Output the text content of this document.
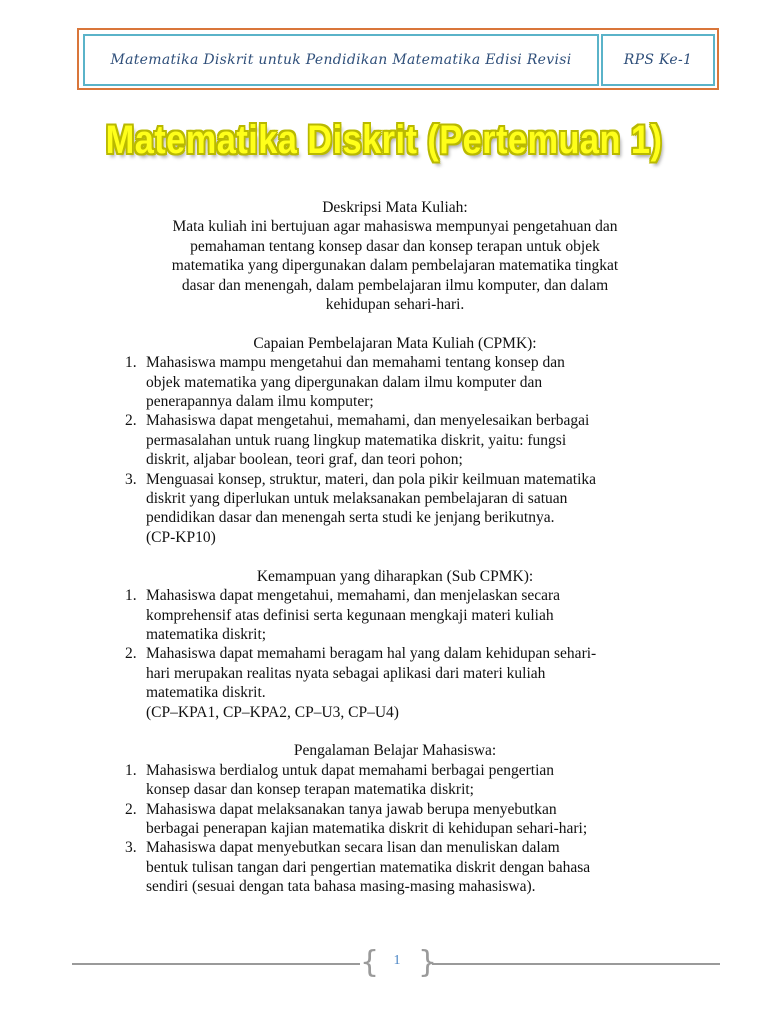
Matematika Diskrit untuk Pendidikan Matematika Edisi Revisi	RPS Ke-1
Matematika Diskrit (Pertemuan 1)
Deskripsi Mata Kuliah:
Mata kuliah ini bertujuan agar mahasiswa mempunyai pengetahuan dan
pemahaman tentang konsep dasar dan konsep terapan untuk objek
matematika yang dipergunakan dalam pembelajaran matematika tingkat
dasar dan menengah, dalam pembelajaran ilmu komputer, dan dalam
kehidupan sehari-hari.
Capaian Pembelajaran Mata Kuliah (CPMK):
1. Mahasiswa mampu mengetahui dan memahami tentang konsep dan
objek matematika yang dipergunakan dalam ilmu komputer dan
penerapannya dalam ilmu komputer;
2. Mahasiswa dapat mengetahui, memahami, dan menyelesaikan berbagai
permasalahan untuk ruang lingkup matematika diskrit, yaitu: fungsi
diskrit, aljabar boolean, teori graf, dan teori pohon;
3. Menguasai konsep, struktur, materi, dan pola pikir keilmuan matematika
diskrit yang diperlukan untuk melaksanakan pembelajaran di satuan
pendidikan dasar dan menengah serta studi ke jenjang berikutnya.
(CP-KP10)
Kemampuan yang diharapkan (Sub CPMK):
1. Mahasiswa dapat mengetahui, memahami, dan menjelaskan secara
komprehensif atas definisi serta kegunaan mengkaji materi kuliah
matematika diskrit;
2. Mahasiswa dapat memahami beragam hal yang dalam kehidupan sehari-
hari merupakan realitas nyata sebagai aplikasi dari materi kuliah
matematika diskrit.
(CP–KPA1, CP–KPA2, CP–U3, CP–U4)
Pengalaman Belajar Mahasiswa:
1. Mahasiswa berdialog untuk dapat memahami berbagai pengertian
konsep dasar dan konsep terapan matematika diskrit;
2. Mahasiswa dapat melaksanakan tanya jawab berupa menyebutkan
berbagai penerapan kajian matematika diskrit di kehidupan sehari-hari;
3. Mahasiswa dapat menyebutkan secara lisan dan menuliskan dalam
bentuk tulisan tangan dari pengertian matematika diskrit dengan bahasa
sendiri (sesuai dengan tata bahasa masing-masing mahasiswa).
{ }
1
